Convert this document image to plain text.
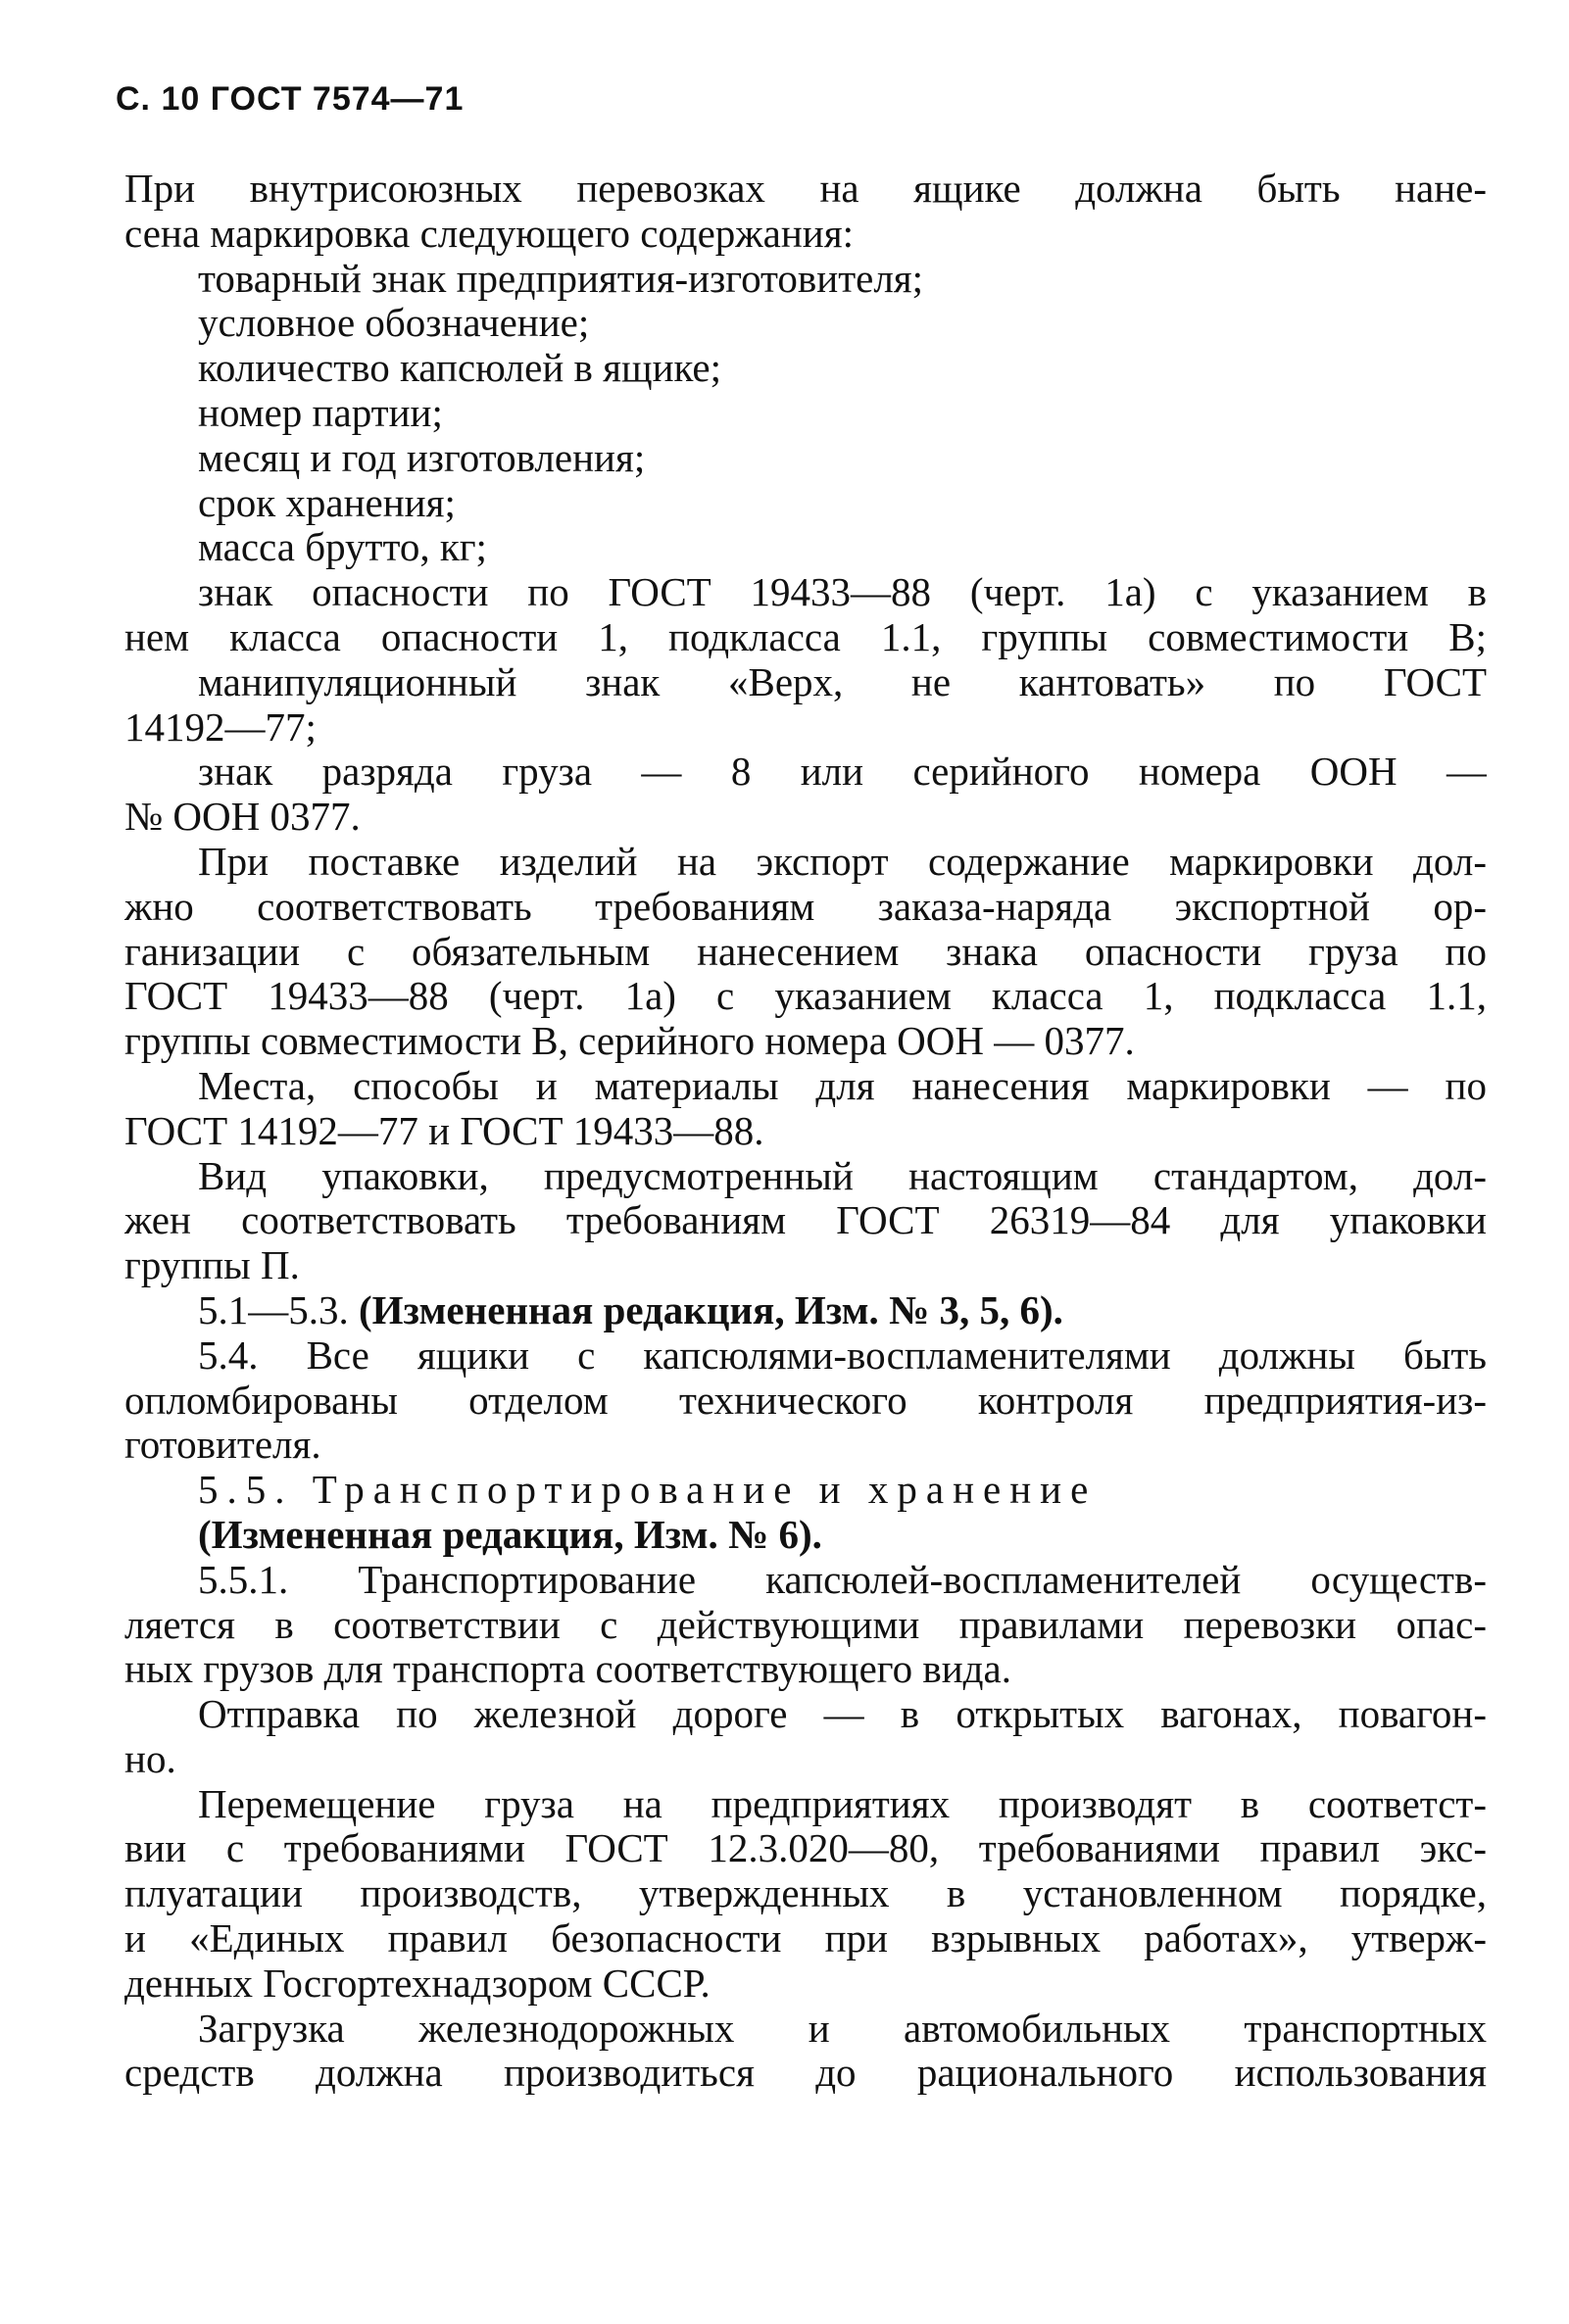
С. 10 ГОСТ 7574—71
При внутрисоюзных перевозках на ящике должна быть нане-
сена маркировка следующего содержания:
товарный знак предприятия-изготовителя;
условное обозначение;
количество капсюлей в ящике;
номер партии;
месяц и год изготовления;
срок хранения;
масса брутто, кг;
знак опасности по ГОСТ 19433—88 (черт. 1а) с указанием в
нем класса опасности 1, подкласса 1.1, группы совместимости В;
манипуляционный знак «Верх, не кантовать» по ГОСТ
14192—77;
знак разряда груза — 8 или серийного номера ООН —
№ ООН 0377.
При поставке изделий на экспорт содержание маркировки дол-
жно соответствовать требованиям заказа-наряда экспортной ор-
ганизации с обязательным нанесением знака опасности груза по
ГОСТ 19433—88 (черт. 1а) с указанием класса 1, подкласса 1.1,
группы совместимости В, серийного номера ООН — 0377.
Места, способы и материалы для нанесения маркировки — по
ГОСТ 14192—77 и ГОСТ 19433—88.
Вид упаковки, предусмотренный настоящим стандартом, дол-
жен соответствовать требованиям ГОСТ 26319—84 для упаковки
группы П.
5.1—5.3. (Измененная редакция, Изм. № 3, 5, 6).
5.4. Все ящики с капсюлями-воспламенителями должны быть
опломбированы отделом технического контроля предприятия-из-
готовителя.
5.5. Транспортирование и хранение
(Измененная редакция, Изм. № 6).
5.5.1. Транспортирование капсюлей-воспламенителей осуществ-
ляется в соответствии с действующими правилами перевозки опас-
ных грузов для транспорта соответствующего вида.
Отправка по железной дороге — в открытых вагонах, повагон-
но.
Перемещение груза на предприятиях производят в соответст-
вии с требованиями ГОСТ 12.3.020—80, требованиями правил экс-
плуатации производств, утвержденных в установленном порядке,
и «Единых правил безопасности при взрывных работах», утверж-
денных Госгортехнадзором СССР.
Загрузка железнодорожных и автомобильных транспортных
средств должна производиться до рационального использования
